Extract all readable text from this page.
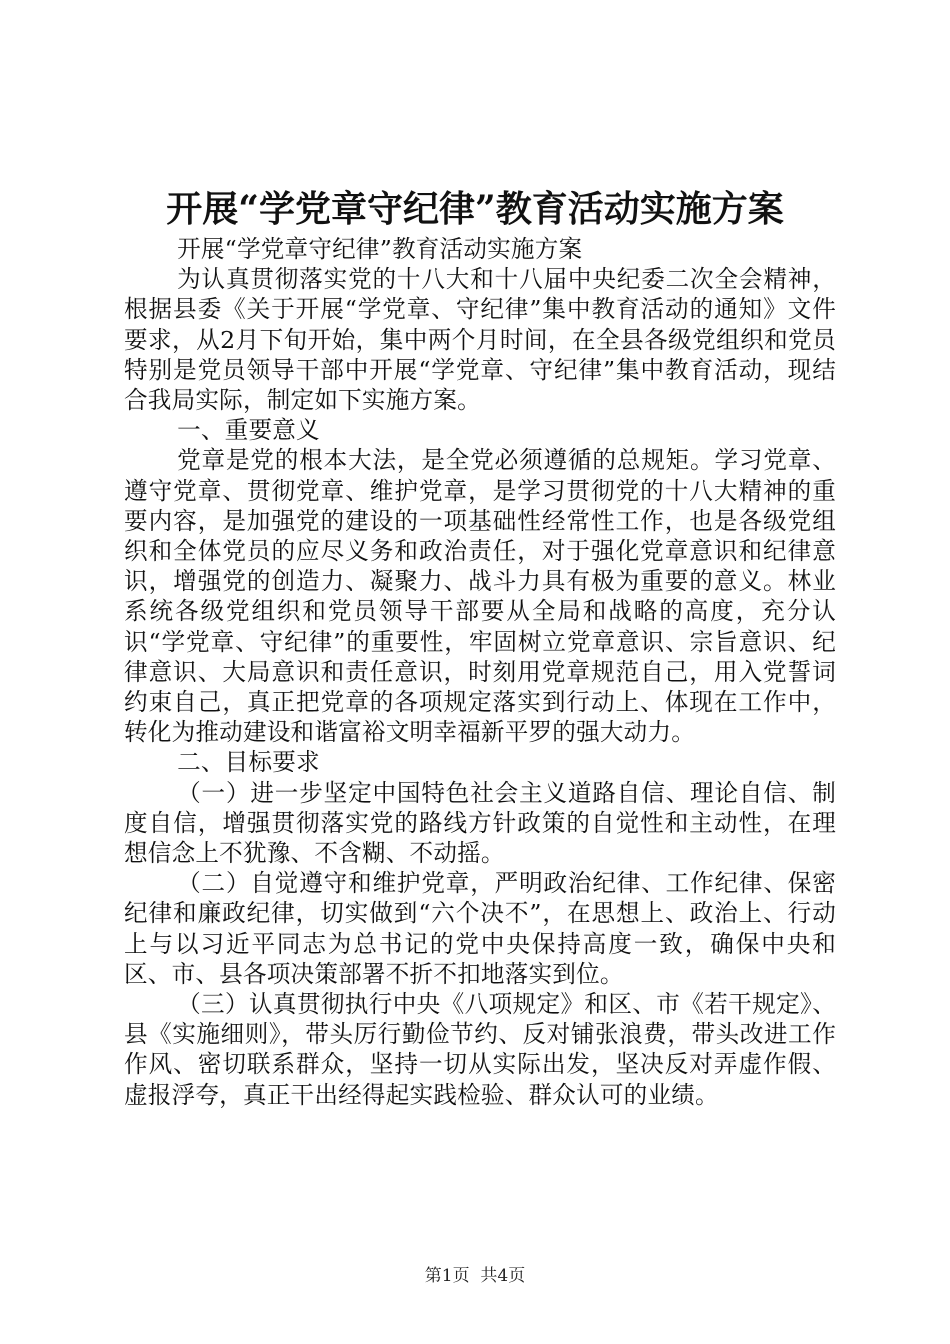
开展“学党章守纪律”教育活动实施方案

开展“学党章守纪律”教育活动实施方案

为认真贯彻落实党的十八大和十八届中央纪委二次全会精神，根据县委《关于开展“学党章、守纪律”集中教育活动的通知》文件要求，从2月下旬开始，集中两个月时间，在全县各级党组织和党员特别是党员领导干部中开展“学党章、守纪律”集中教育活动，现结合我局实际，制定如下实施方案。

一、重要意义

党章是党的根本大法，是全党必须遵循的总规矩。学习党章、遵守党章、贯彻党章、维护党章，是学习贯彻党的十八大精神的重要内容，是加强党的建设的一项基础性经常性工作，也是各级党组织和全体党员的应尽义务和政治责任，对于强化党章意识和纪律意识，增强党的创造力、凝聚力、战斗力具有极为重要的意义。林业系统各级党组织和党员领导干部要从全局和战略的高度，充分认识“学党章、守纪律”的重要性，牢固树立党章意识、宗旨意识、纪律意识、大局意识和责任意识，时刻用党章规范自己，用入党誓词约束自己，真正把党章的各项规定落实到行动上、体现在工作中，转化为推动建设和谐富裕文明幸福新平罗的强大动力。

二、目标要求

（一）进一步坚定中国特色社会主义道路自信、理论自信、制度自信，增强贯彻落实党的路线方针政策的自觉性和主动性，在理想信念上不犹豫、不含糊、不动摇。

（二）自觉遵守和维护党章，严明政治纪律、工作纪律、保密纪律和廉政纪律，切实做到“六个决不”，在思想上、政治上、行动上与以习近平同志为总书记的党中央保持高度一致，确保中央和区、市、县各项决策部署不折不扣地落实到位。

（三）认真贯彻执行中央《八项规定》和区、市《若干规定》、县《实施细则》，带头厉行勤俭节约、反对铺张浪费，带头改进工作作风、密切联系群众，坚持一切从实际出发，坚决反对弄虚作假、虚报浮夸，真正干出经得起实践检验、群众认可的业绩。

第1页 共4页
